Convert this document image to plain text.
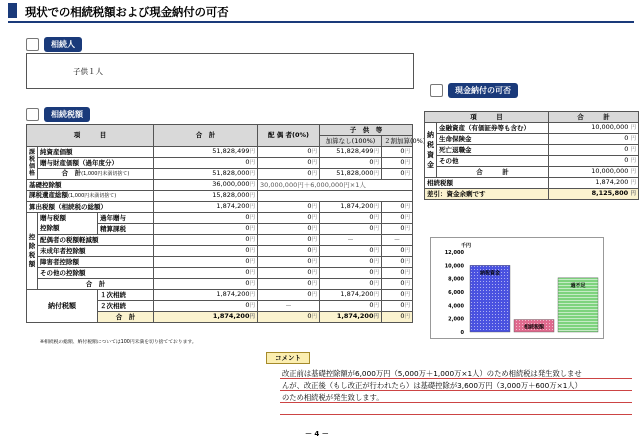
現状での相続税額および現金納付の可否
相続人
子供１人
相続税額
項　　　目			合　計	配 偶 者(0%)	子　供　等	
					加算なし(100%)	２割加算(0%)
課税価格	純資産価額		51,828,499円	0円	51,828,499円	0円
	贈与財産価額（過年度分）		0円	0円	0円	0円
	合　計(1,000円未満切捨て)		51,828,000円	0円	51,828,000円	0円
基礎控除額			36,000,000円	30,000,000円＋6,000,000円×1人		
課税遺産総額(1,000円未満切捨て)			15,828,000円			
算出税額（相続税の総額）			1,874,200円	0円	1,874,200円	0円
控除税額	贈与税額	過年贈与	0円	0円	0円	0円
	控除額	精算課税	0円	0円	0円	0円
	配偶者の税額軽減額		0円	0円	－	－
	未成年者控除額		0円	0円	0円	0円
	障害者控除額		0円	0円	0円	0円
	その他の控除額		0円	0円	0円	0円
	合　計		0円	0円	0円	0円
納付税額		１次相続	1,874,200円	0円	1,874,200円	0円
		２次相続	0円	－	0円	0円
		合　計	1,874,200円	0円	1,874,200円	0円
※相続税の総額、納付税額については100円未満を切り捨てております。
現金納付の可否
項　　　目		合　　　計
納税資金	金融資産（有価証券等も含む）	10,000,000 円
	生命保険金	0 円
	死亡退職金	0 円
	その他	0 円
	合　　　計	10,000,000 円
相続税額		1,874,200 円
差引：資金余剰です		8,125,800 円
千円
12,000
10,000
8,000
6,000
4,000
2,000
0
納税資金
相続税額
過不足
コメント
改正前は基礎控除額が6,000万円（5,000万＋1,000万×1人）のため相続税は発生致しませ
んが、改正後（もし改正が行われたら）は基礎控除が3,600万円（3,000万＋600万×1人）
のため相続税が発生致します。
－ 4 －
